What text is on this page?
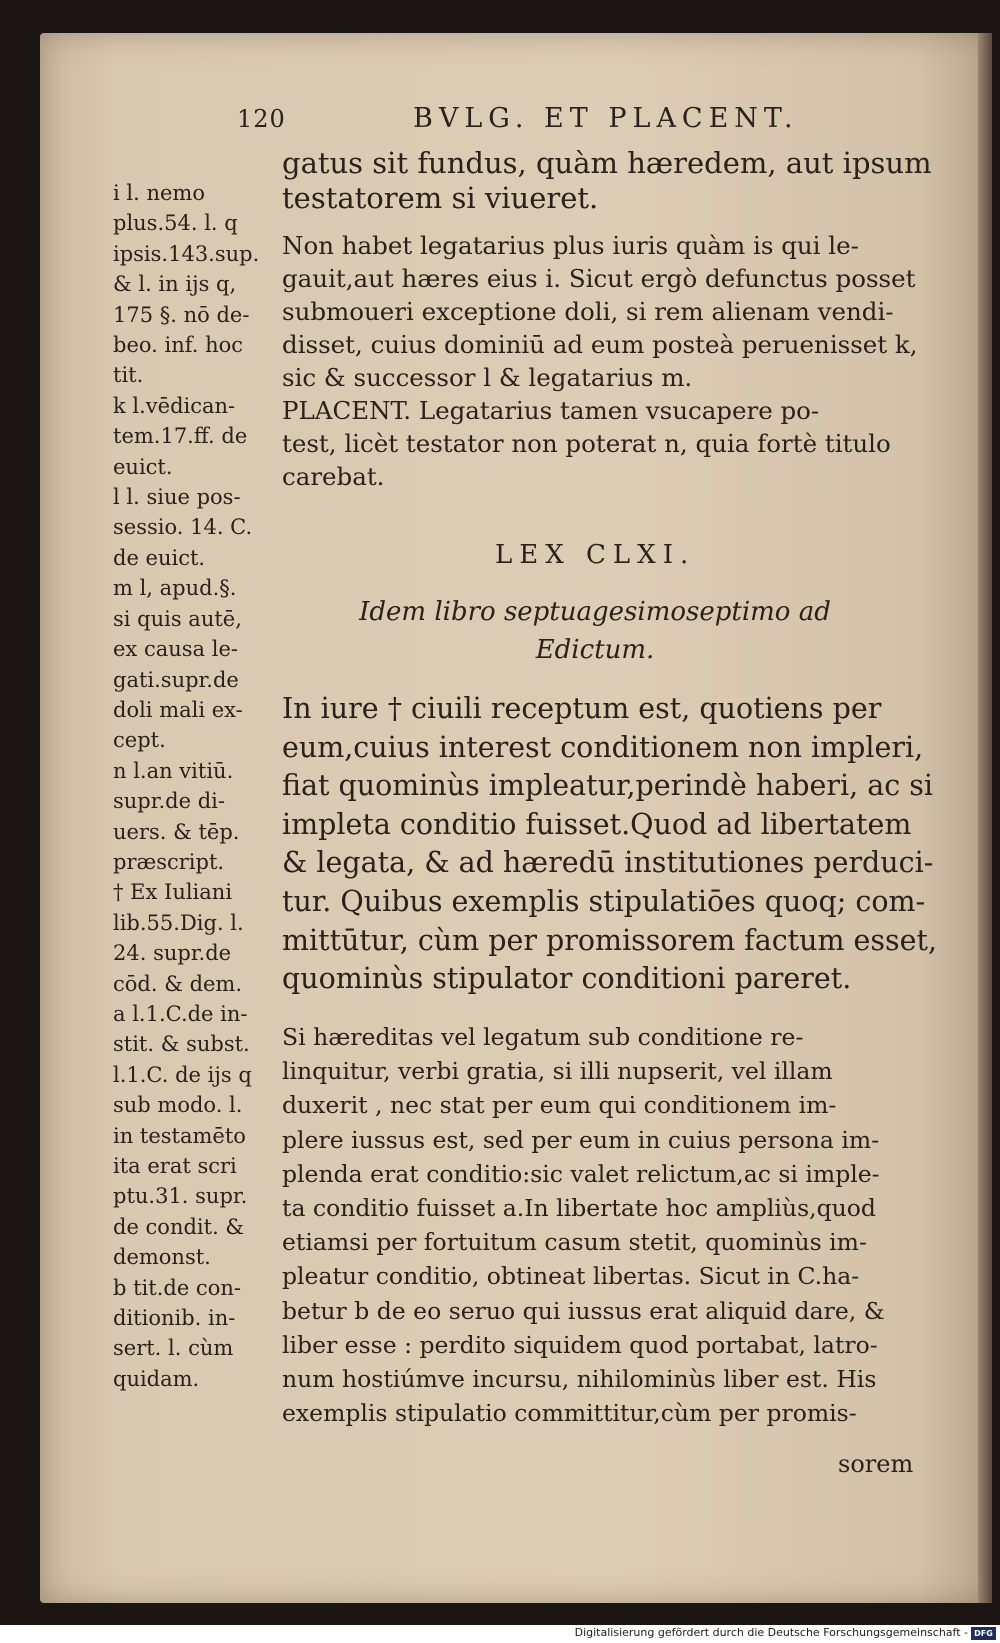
120	BVLG. ET PLACENT.
i l. nemo
plus.54. l. q
ipsis.143.sup.
& l. in ijs q,
175 §. nō de-
beo. inf. hoc
tit.
k l.vēdican-
tem.17.ff. de
euict.
l l. siue pos-
sessio. 14. C.
de euict.
m l, apud.§.
si quis autē,
ex causa le-
gati.supr.de
doli mali ex-
cept.
n l.an vitiū.
supr.de di-
uers. & tēp.
præscript.
† Ex Iuliani
lib.55.Dig. l.
24. supr.de
cōd. & dem.
a l.1.C.de in-
stit. & subst.
l.1.C. de ijs q
sub modo. l.
in testamēto
ita erat scri
ptu.31. supr.
de condit. &
demonst.
b tit.de con-
ditionib. in-
sert. l. cùm
quidam.
gatus sit fundus, quàm hæredem, aut ipsum
testatorem si viueret.
Non habet legatarius plus iuris quàm is qui le-
gauit,aut hæres eius i. Sicut ergò defunctus posset
submoueri exceptione doli, si rem alienam vendi-
disset, cuius dominiū ad eum posteà peruenisset k,
sic & successor l & legatarius m.
PLACENT. Legatarius tamen vsucapere po-
test, licèt testator non poterat n, quia fortè titulo
carebat.
LEX CLXI.
Idem libro septuagesimoseptimo ad
Edictum.
In iure † ciuili receptum est, quotiens per
eum,cuius interest conditionem non impleri,
fiat quominùs impleatur,perindè haberi, ac si
impleta conditio fuisset.Quod ad libertatem
& legata, & ad hæredū institutiones perduci-
tur. Quibus exemplis stipulatiōes quoq; com-
mittūtur, cùm per promissorem factum esset,
quominùs stipulator conditioni pareret.
Si hæreditas vel legatum sub conditione re-
linquitur, verbi gratia, si illi nupserit, vel illam
duxerit , nec stat per eum qui conditionem im-
plere iussus est, sed per eum in cuius persona im-
plenda erat conditio:sic valet relictum,ac si imple-
ta conditio fuisset a.In libertate hoc ampliùs,quod
etiamsi per fortuitum casum stetit, quominùs im-
pleatur conditio, obtineat libertas. Sicut in C.ha-
betur b de eo seruo qui iussus erat aliquid dare, &
liber esse : perdito siquidem quod portabat, latro-
num hostiúmve incursu, nihilominùs liber est. His
exemplis stipulatio committitur,cùm per promis-
sorem
Digitalisierung gefördert durch die Deutsche Forschungsgemeinschaft - DFG
